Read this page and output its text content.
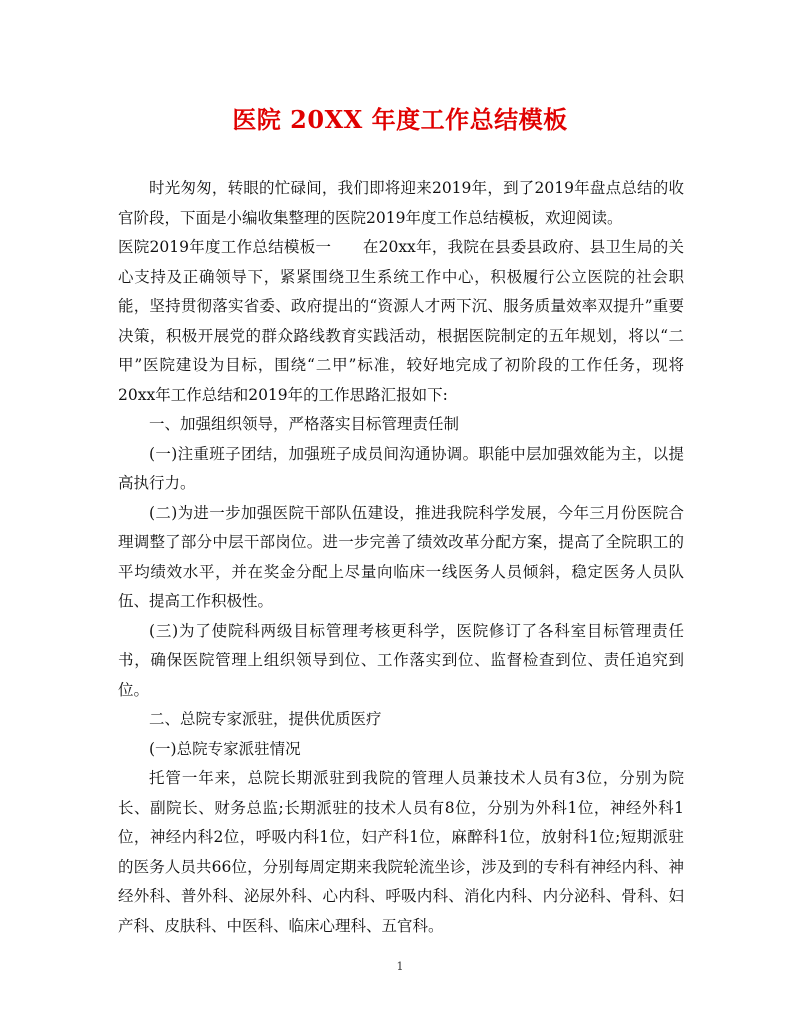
医院 20XX 年度工作总结模板

时光匆匆，转眼的忙碌间，我们即将迎来2019年，到了2019年盘点总结的收官阶段，下面是小编收集整理的医院2019年度工作总结模板，欢迎阅读。

医院2019年度工作总结模板一　　在20xx年，我院在县委县政府、县卫生局的关心支持及正确领导下，紧紧围绕卫生系统工作中心，积极履行公立医院的社会职能，坚持贯彻落实省委、政府提出的“资源人才两下沉、服务质量效率双提升”重要决策，积极开展党的群众路线教育实践活动，根据医院制定的五年规划，将以“二甲”医院建设为目标，围绕“二甲”标准，较好地完成了初阶段的工作任务，现将20xx年工作总结和2019年的工作思路汇报如下:

一、加强组织领导，严格落实目标管理责任制

(一)注重班子团结，加强班子成员间沟通协调。职能中层加强效能为主，以提高执行力。

(二)为进一步加强医院干部队伍建设，推进我院科学发展，今年三月份医院合理调整了部分中层干部岗位。进一步完善了绩效改革分配方案，提高了全院职工的平均绩效水平，并在奖金分配上尽量向临床一线医务人员倾斜，稳定医务人员队伍、提高工作积极性。

(三)为了使院科两级目标管理考核更科学，医院修订了各科室目标管理责任书，确保医院管理上组织领导到位、工作落实到位、监督检查到位、责任追究到位。

二、总院专家派驻，提供优质医疗

(一)总院专家派驻情况

托管一年来，总院长期派驻到我院的管理人员兼技术人员有3位，分别为院长、副院长、财务总监;长期派驻的技术人员有8位，分别为外科1位，神经外科1位，神经内科2位，呼吸内科1位，妇产科1位，麻醉科1位，放射科1位;短期派驻的医务人员共66位，分别每周定期来我院轮流坐诊，涉及到的专科有神经内科、神经外科、普外科、泌尿外科、心内科、呼吸内科、消化内科、内分泌科、骨科、妇产科、皮肤科、中医科、临床心理科、五官科。

1
